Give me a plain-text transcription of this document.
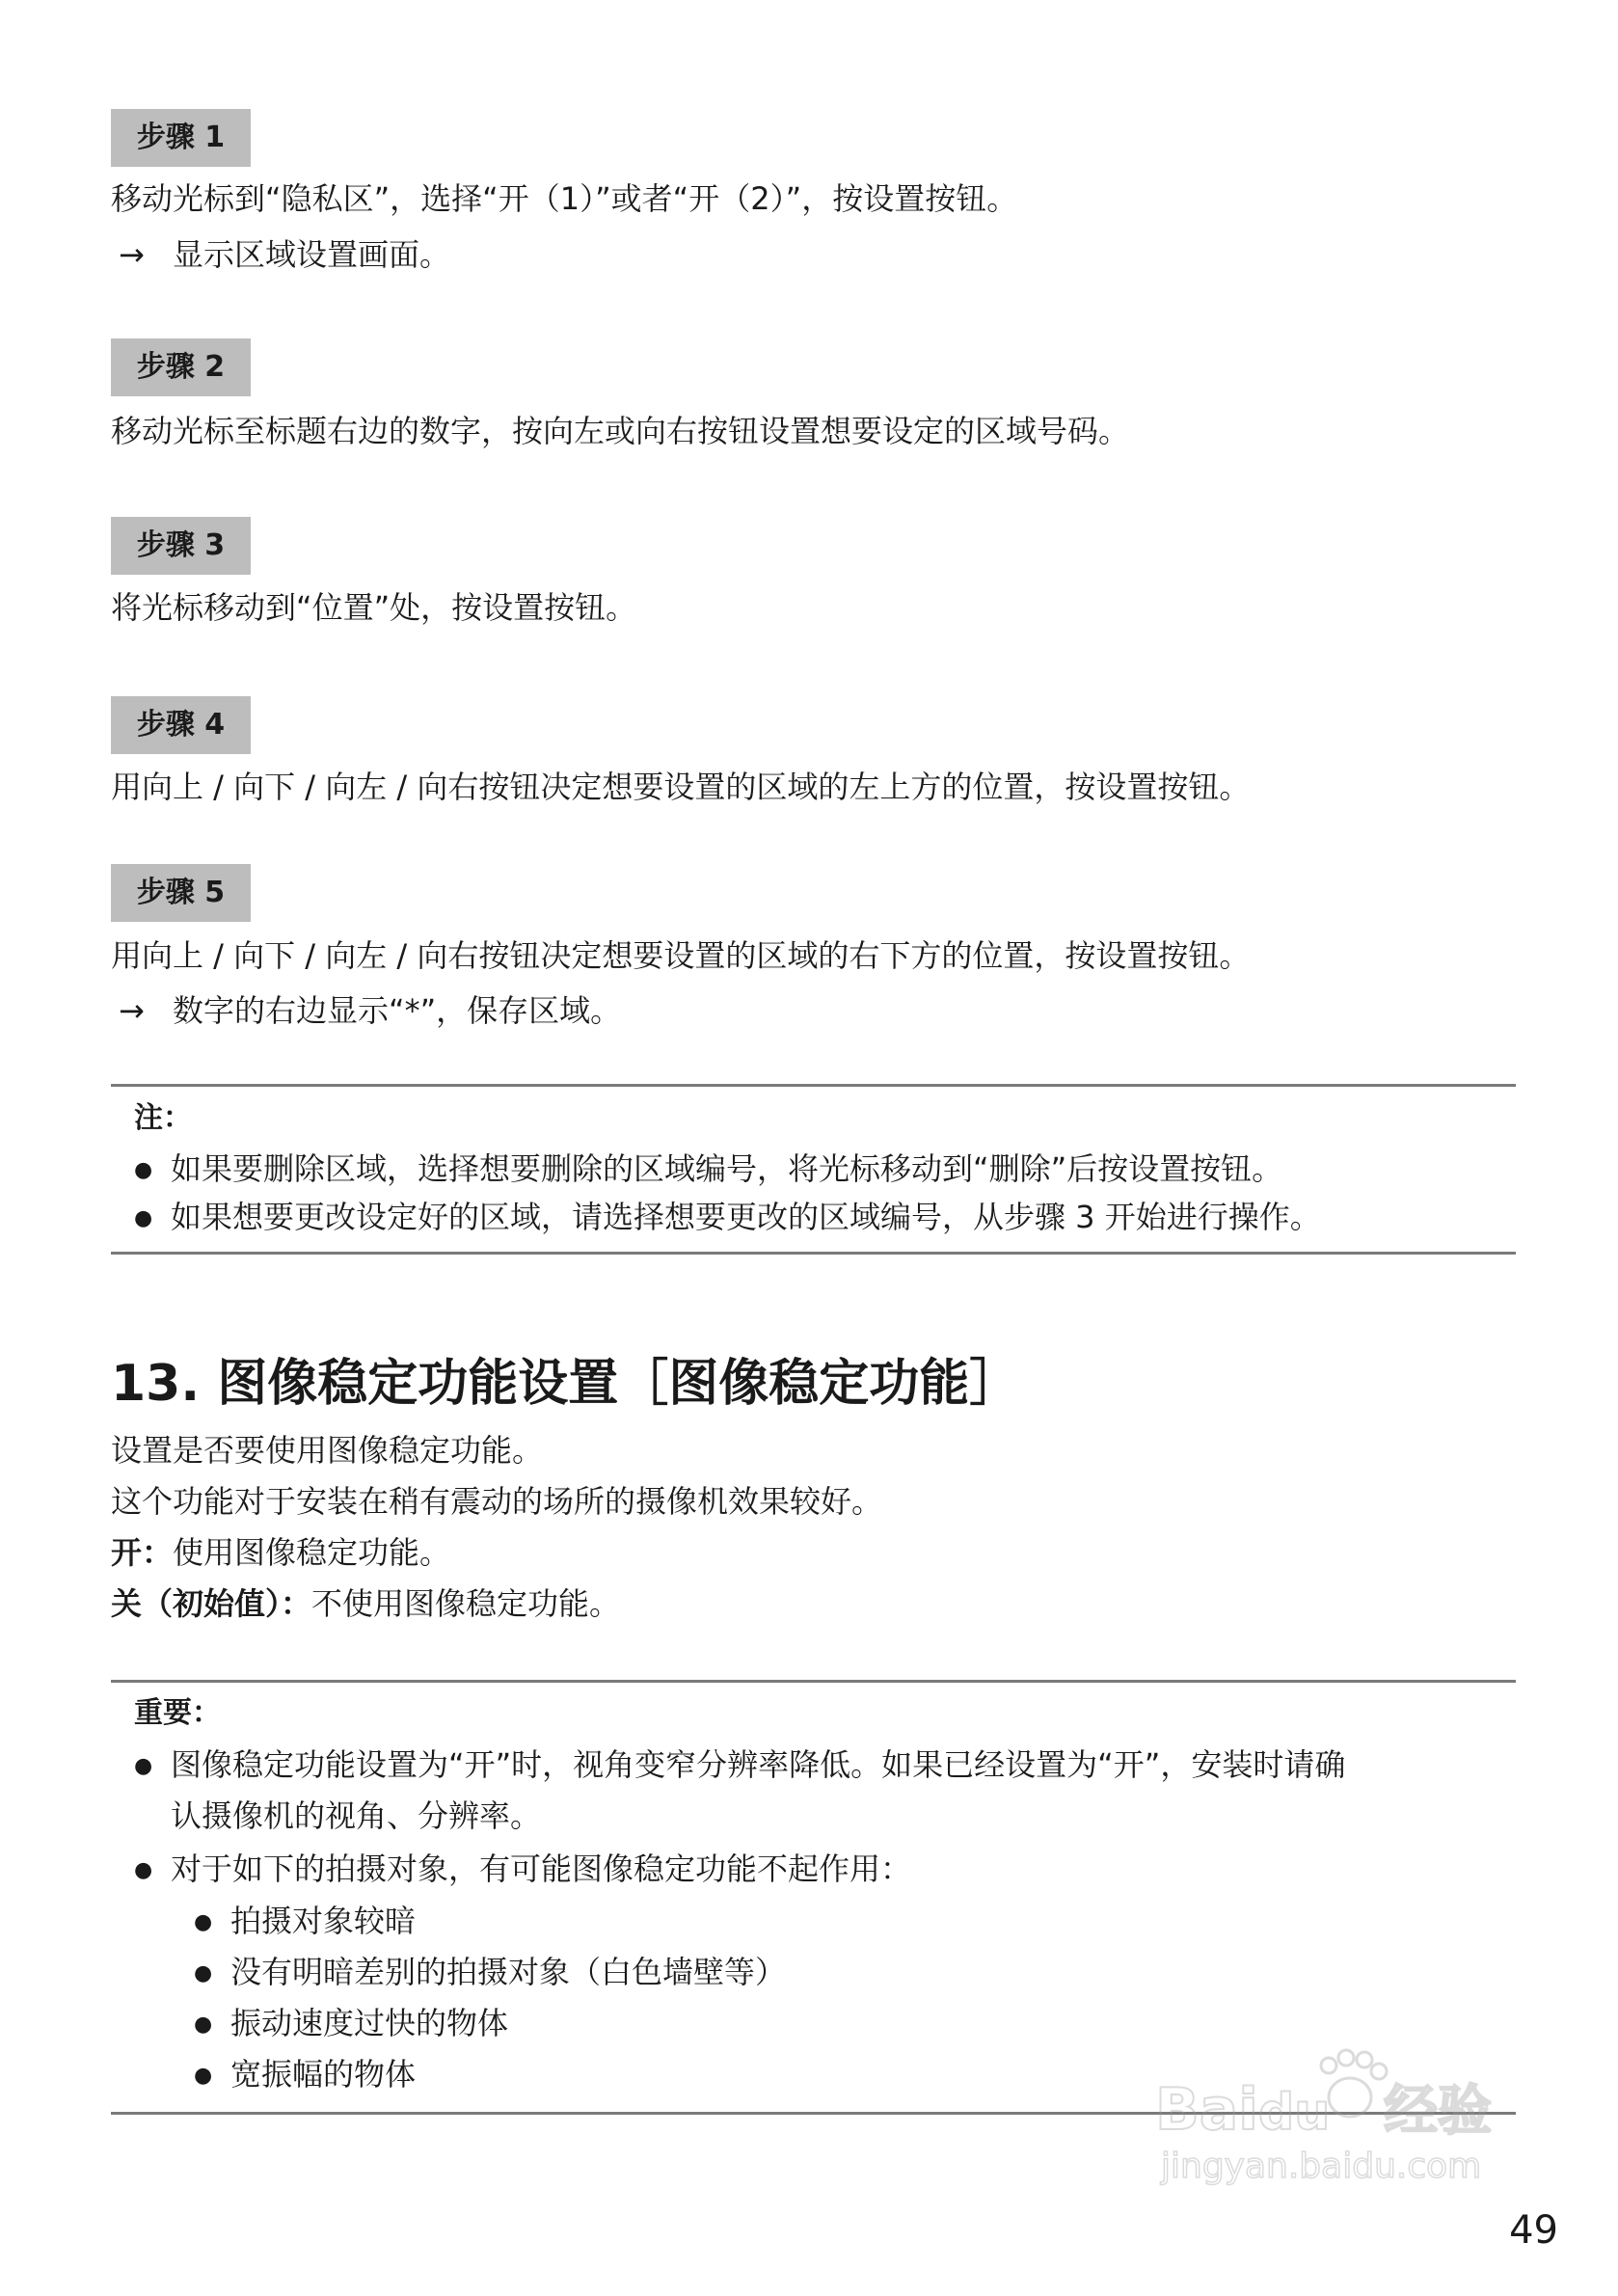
步骤 1
移动光标到“隐私区”，选择“开（1）”或者“开（2）”，按设置按钮。
→ 显示区域设置画面。
步骤 2
移动光标至标题右边的数字，按向左或向右按钮设置想要设定的区域号码。
步骤 3
将光标移动到“位置”处，按设置按钮。
步骤 4
用向上 / 向下 / 向左 / 向右按钮决定想要设置的区域的左上方的位置，按设置按钮。
步骤 5
用向上 / 向下 / 向左 / 向右按钮决定想要设置的区域的右下方的位置，按设置按钮。
→ 数字的右边显示“*”，保存区域。
注：
● 如果要删除区域，选择想要删除的区域编号，将光标移动到“删除”后按设置按钮。
● 如果想要更改设定好的区域，请选择想要更改的区域编号，从步骤 3 开始进行操作。
13. 图像稳定功能设置［图像稳定功能］
设置是否要使用图像稳定功能。
这个功能对于安装在稍有震动的场所的摄像机效果较好。
开：使用图像稳定功能。
关（初始值）：不使用图像稳定功能。
重要：
● 图像稳定功能设置为“开”时，视角变窄分辨率降低。如果已经设置为“开”，安装时请确
认摄像机的视角、分辨率。
● 对于如下的拍摄对象，有可能图像稳定功能不起作用：
● 拍摄对象较暗
● 没有明暗差别的拍摄对象（白色墙壁等）
● 振动速度过快的物体
● 宽振幅的物体
Bai 经验
du
jingyan.baidu.com
49
